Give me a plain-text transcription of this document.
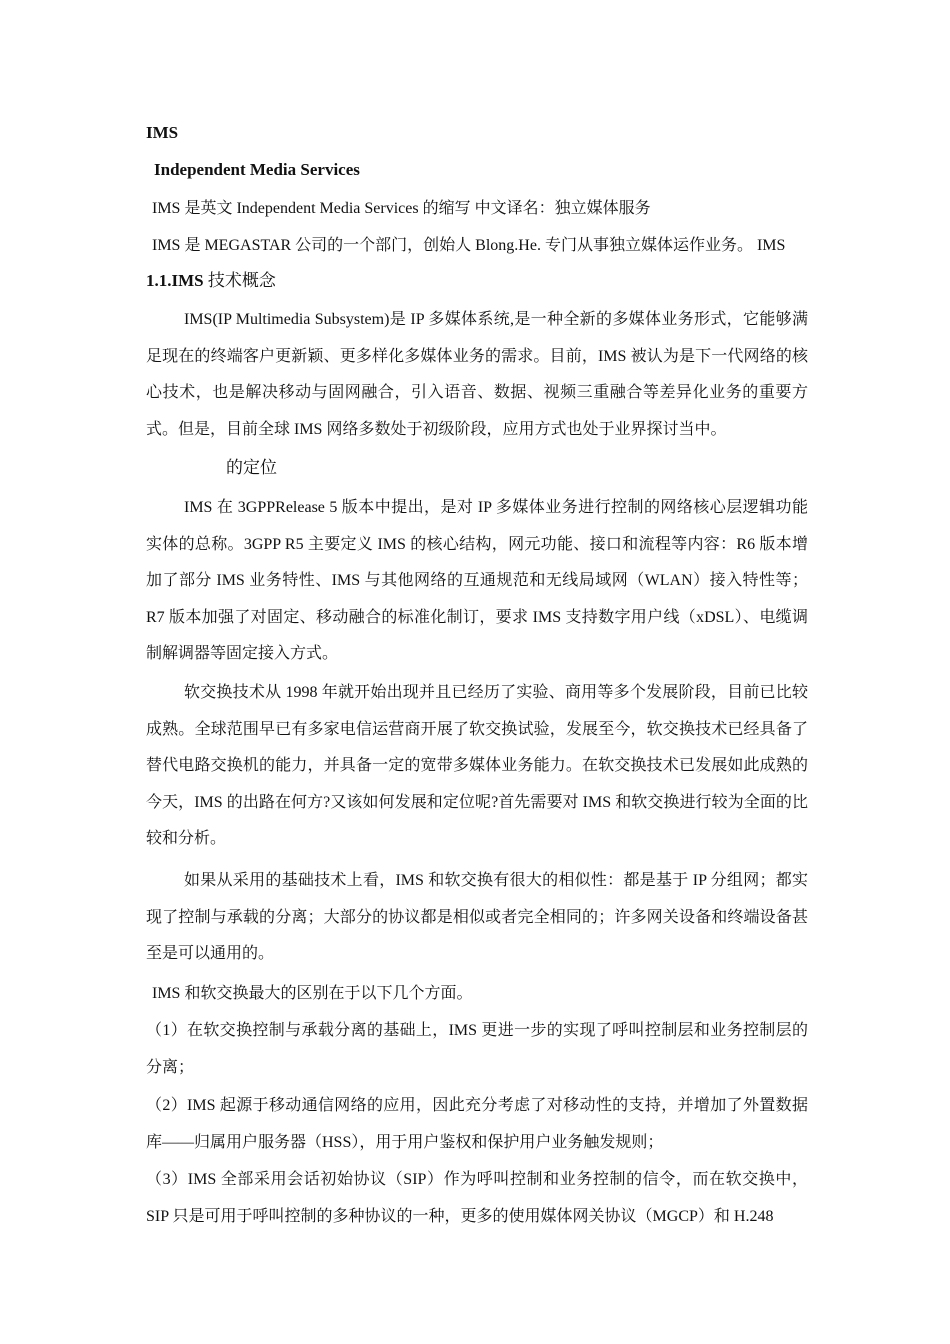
IMS
Independent Media Services
IMS 是英文 Independent Media Services 的缩写 中文译名：独立媒体服务
IMS 是 MEGASTAR 公司的一个部门，创始人 Blong.He. 专门从事独立媒体运作业务。 IMS
1.1.IMS 技术概念

IMS(IP Multimedia Subsystem)是 IP 多媒体系统,是一种全新的多媒体业务形式，它能够满足现在的终端客户更新颖、更多样化多媒体业务的需求。目前，IMS 被认为是下一代网络的核心技术，也是解决移动与固网融合，引入语音、数据、视频三重融合等差异化业务的重要方式。但是，目前全球 IMS 网络多数处于初级阶段，应用方式也处于业界探讨当中。

的定位

IMS 在 3GPPRelease 5 版本中提出，是对 IP 多媒体业务进行控制的网络核心层逻辑功能实体的总称。3GPP R5 主要定义 IMS 的核心结构，网元功能、接口和流程等内容：R6 版本增加了部分 IMS 业务特性、IMS 与其他网络的互通规范和无线局域网（WLAN）接入特性等；R7 版本加强了对固定、移动融合的标准化制订，要求 IMS 支持数字用户线（xDSL）、电缆调制解调器等固定接入方式。

软交换技术从 1998 年就开始出现并且已经历了实验、商用等多个发展阶段，目前已比较成熟。全球范围早已有多家电信运营商开展了软交换试验，发展至今，软交换技术已经具备了替代电路交换机的能力，并具备一定的宽带多媒体业务能力。在软交换技术已发展如此成熟的今天，IMS 的出路在何方?又该如何发展和定位呢?首先需要对 IMS 和软交换进行较为全面的比较和分析。

如果从采用的基础技术上看，IMS 和软交换有很大的相似性：都是基于 IP 分组网；都实现了控制与承载的分离；大部分的协议都是相似或者完全相同的；许多网关设备和终端设备甚至是可以通用的。

IMS 和软交换最大的区别在于以下几个方面。

（1）在软交换控制与承载分离的基础上，IMS 更进一步的实现了呼叫控制层和业务控制层的分离；

（2）IMS 起源于移动通信网络的应用，因此充分考虑了对移动性的支持，并增加了外置数据库——归属用户服务器（HSS），用于用户鉴权和保护用户业务触发规则；

（3）IMS 全部采用会话初始协议（SIP）作为呼叫控制和业务控制的信令，而在软交换中，SIP 只是可用于呼叫控制的多种协议的一种，更多的使用媒体网关协议（MGCP）和 H.248
